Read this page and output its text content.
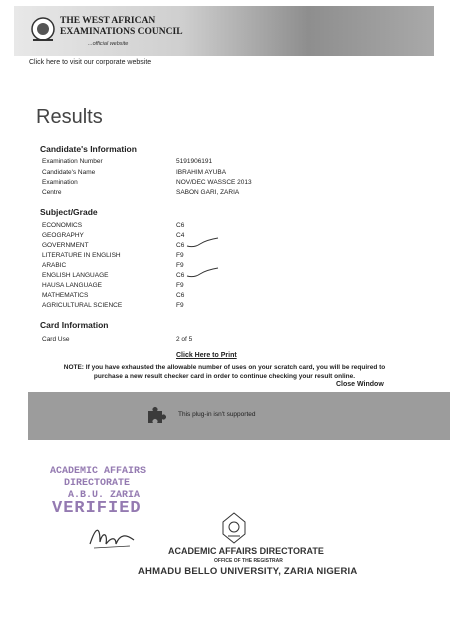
THE WEST AFRICAN
EXAMINATIONS COUNCIL
...official website
Click here to visit our corporate website
Results
Candidate's Information
Examination Number	5191906191
Candidate's Name	IBRAHIM AYUBA
Examination	NOV/DEC WASSCE 2013
Centre	SABON GARI, ZARIA
Subject/Grade
ECONOMICS	C6
GEOGRAPHY	C4
GOVERNMENT	C6
LITERATURE IN ENGLISH	F9
ARABIC	F9
ENGLISH LANGUAGE	C6
HAUSA LANGUAGE	F9
MATHEMATICS	C6
AGRICULTURAL SCIENCE	F9
Card Information
Card Use	2 of 5
Click Here to Print
NOTE: If you have exhausted the allowable number of uses on your scratch card, you will be required to purchase a new result checker card in order to continue checking your result online.
Close Window
This plug-in isn't supported
ACADEMIC AFFAIRS
DIRECTORATE
A.B.U. ZARIA
VERIFIED
ACADEMIC AFFAIRS DIRECTORATE
OFFICE OF THE REGISTRAR
AHMADU BELLO UNIVERSITY, ZARIA NIGERIA
